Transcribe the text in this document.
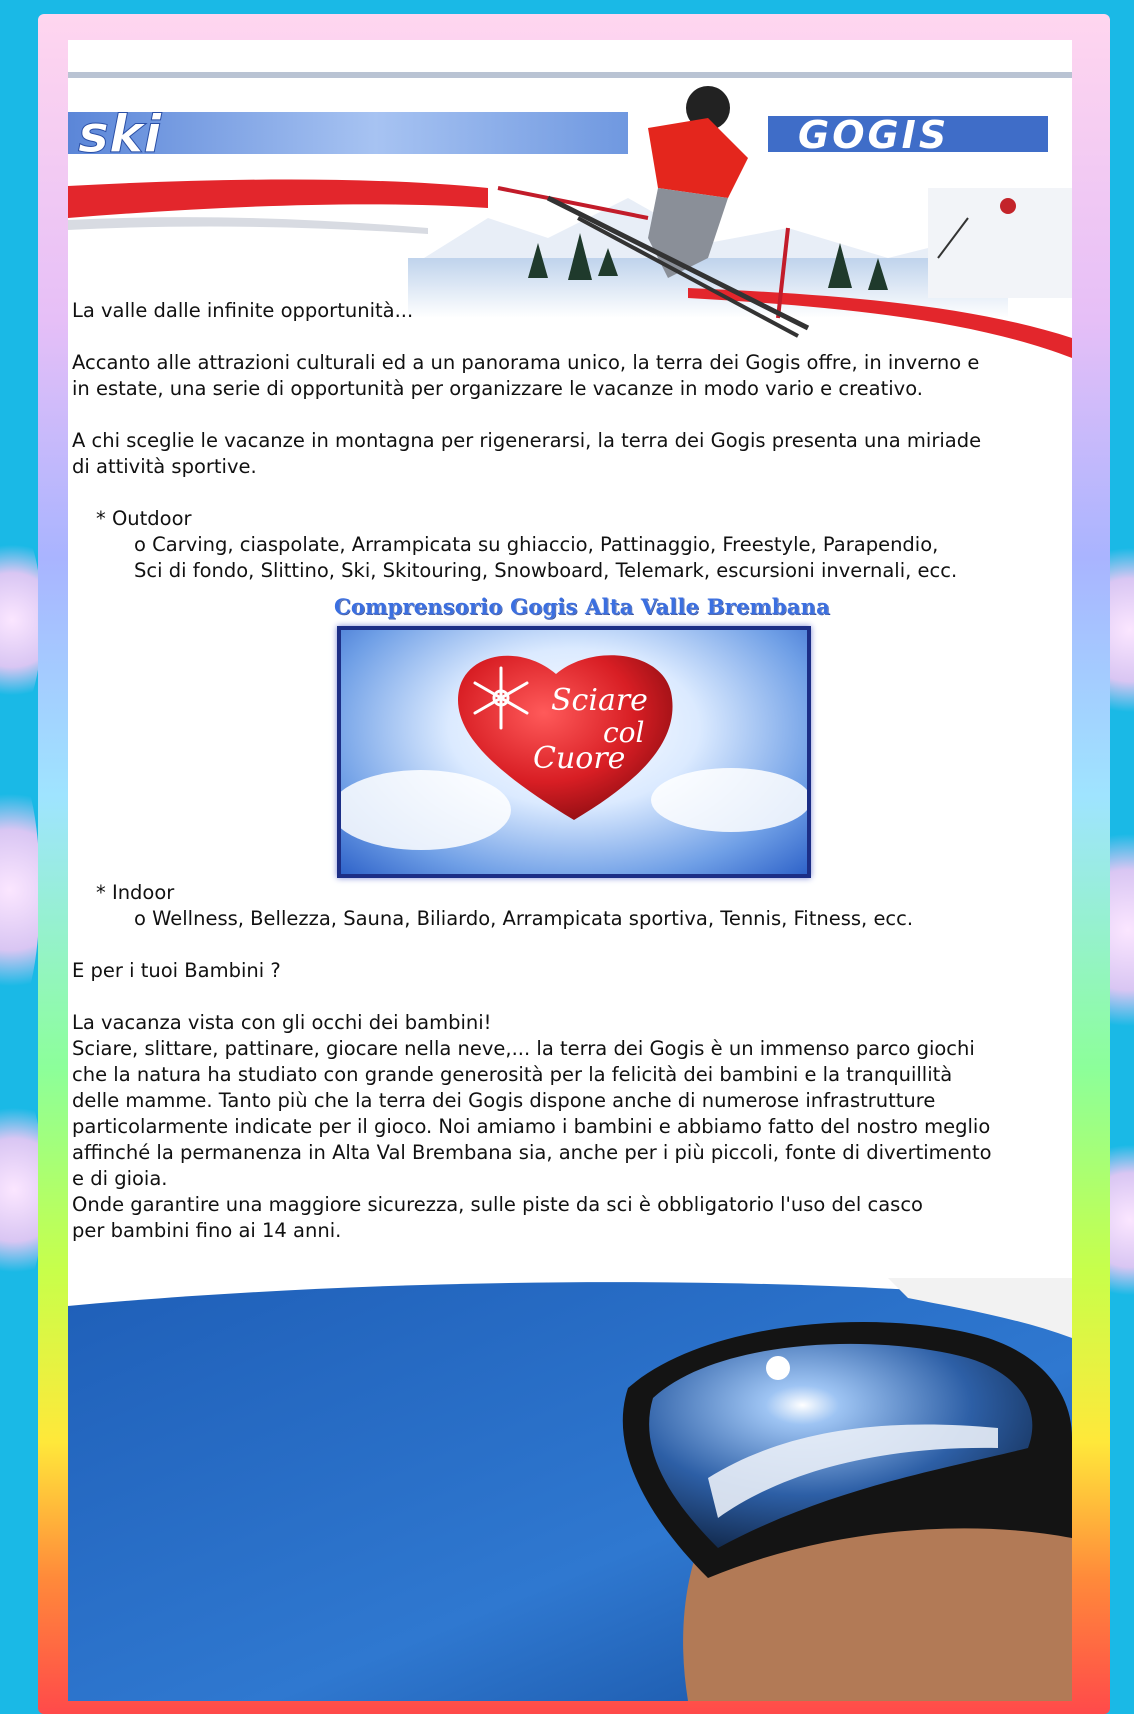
ski	GOGIS

La valle dalle infinite opportunità...

Accanto alle attrazioni culturali ed a un panorama unico, la terra dei Gogis offre, in inverno e

in estate, una serie di opportunità per organizzare le vacanze in modo vario e creativo.

A chi sceglie le vacanze in montagna per rigenerarsi, la terra dei Gogis presenta una miriade

di attività sportive.

* Outdoor

o Carving, ciaspolate, Arrampicata su ghiaccio, Pattinaggio, Freestyle, Parapendio,

Sci di fondo, Slittino, Ski, Skitouring, Snowboard, Telemark, escursioni invernali, ecc.

Comprensorio Gogis Alta Valle Brembana
Sciare
col
Cuore

* Indoor

o Wellness, Bellezza, Sauna, Biliardo, Arrampicata sportiva, Tennis, Fitness, ecc.

E per i tuoi Bambini ?

La vacanza vista con gli occhi dei bambini!

Sciare, slittare, pattinare, giocare nella neve,... la terra dei Gogis è un immenso parco giochi

che la natura ha studiato con grande generosità per la felicità dei bambini e la tranquillità

delle mamme. Tanto più che la terra dei Gogis dispone anche di numerose infrastrutture

particolarmente indicate per il gioco. Noi amiamo i bambini e abbiamo fatto del nostro meglio

affinché la permanenza in Alta Val Brembana sia, anche per i più piccoli, fonte di divertimento

e di gioia.

Onde garantire una maggiore sicurezza, sulle piste da sci è obbligatorio l'uso del casco

per bambini fino ai 14 anni.
